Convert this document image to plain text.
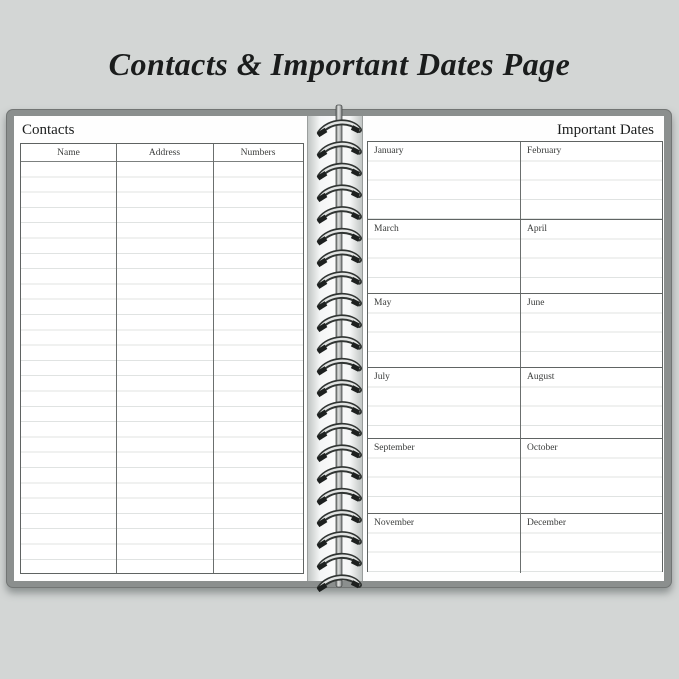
Contacts & Important Dates Page
Contacts
Name	Address	Numbers
Important Dates
January	February
March	April
May	June
July	August
September	October
November	December
